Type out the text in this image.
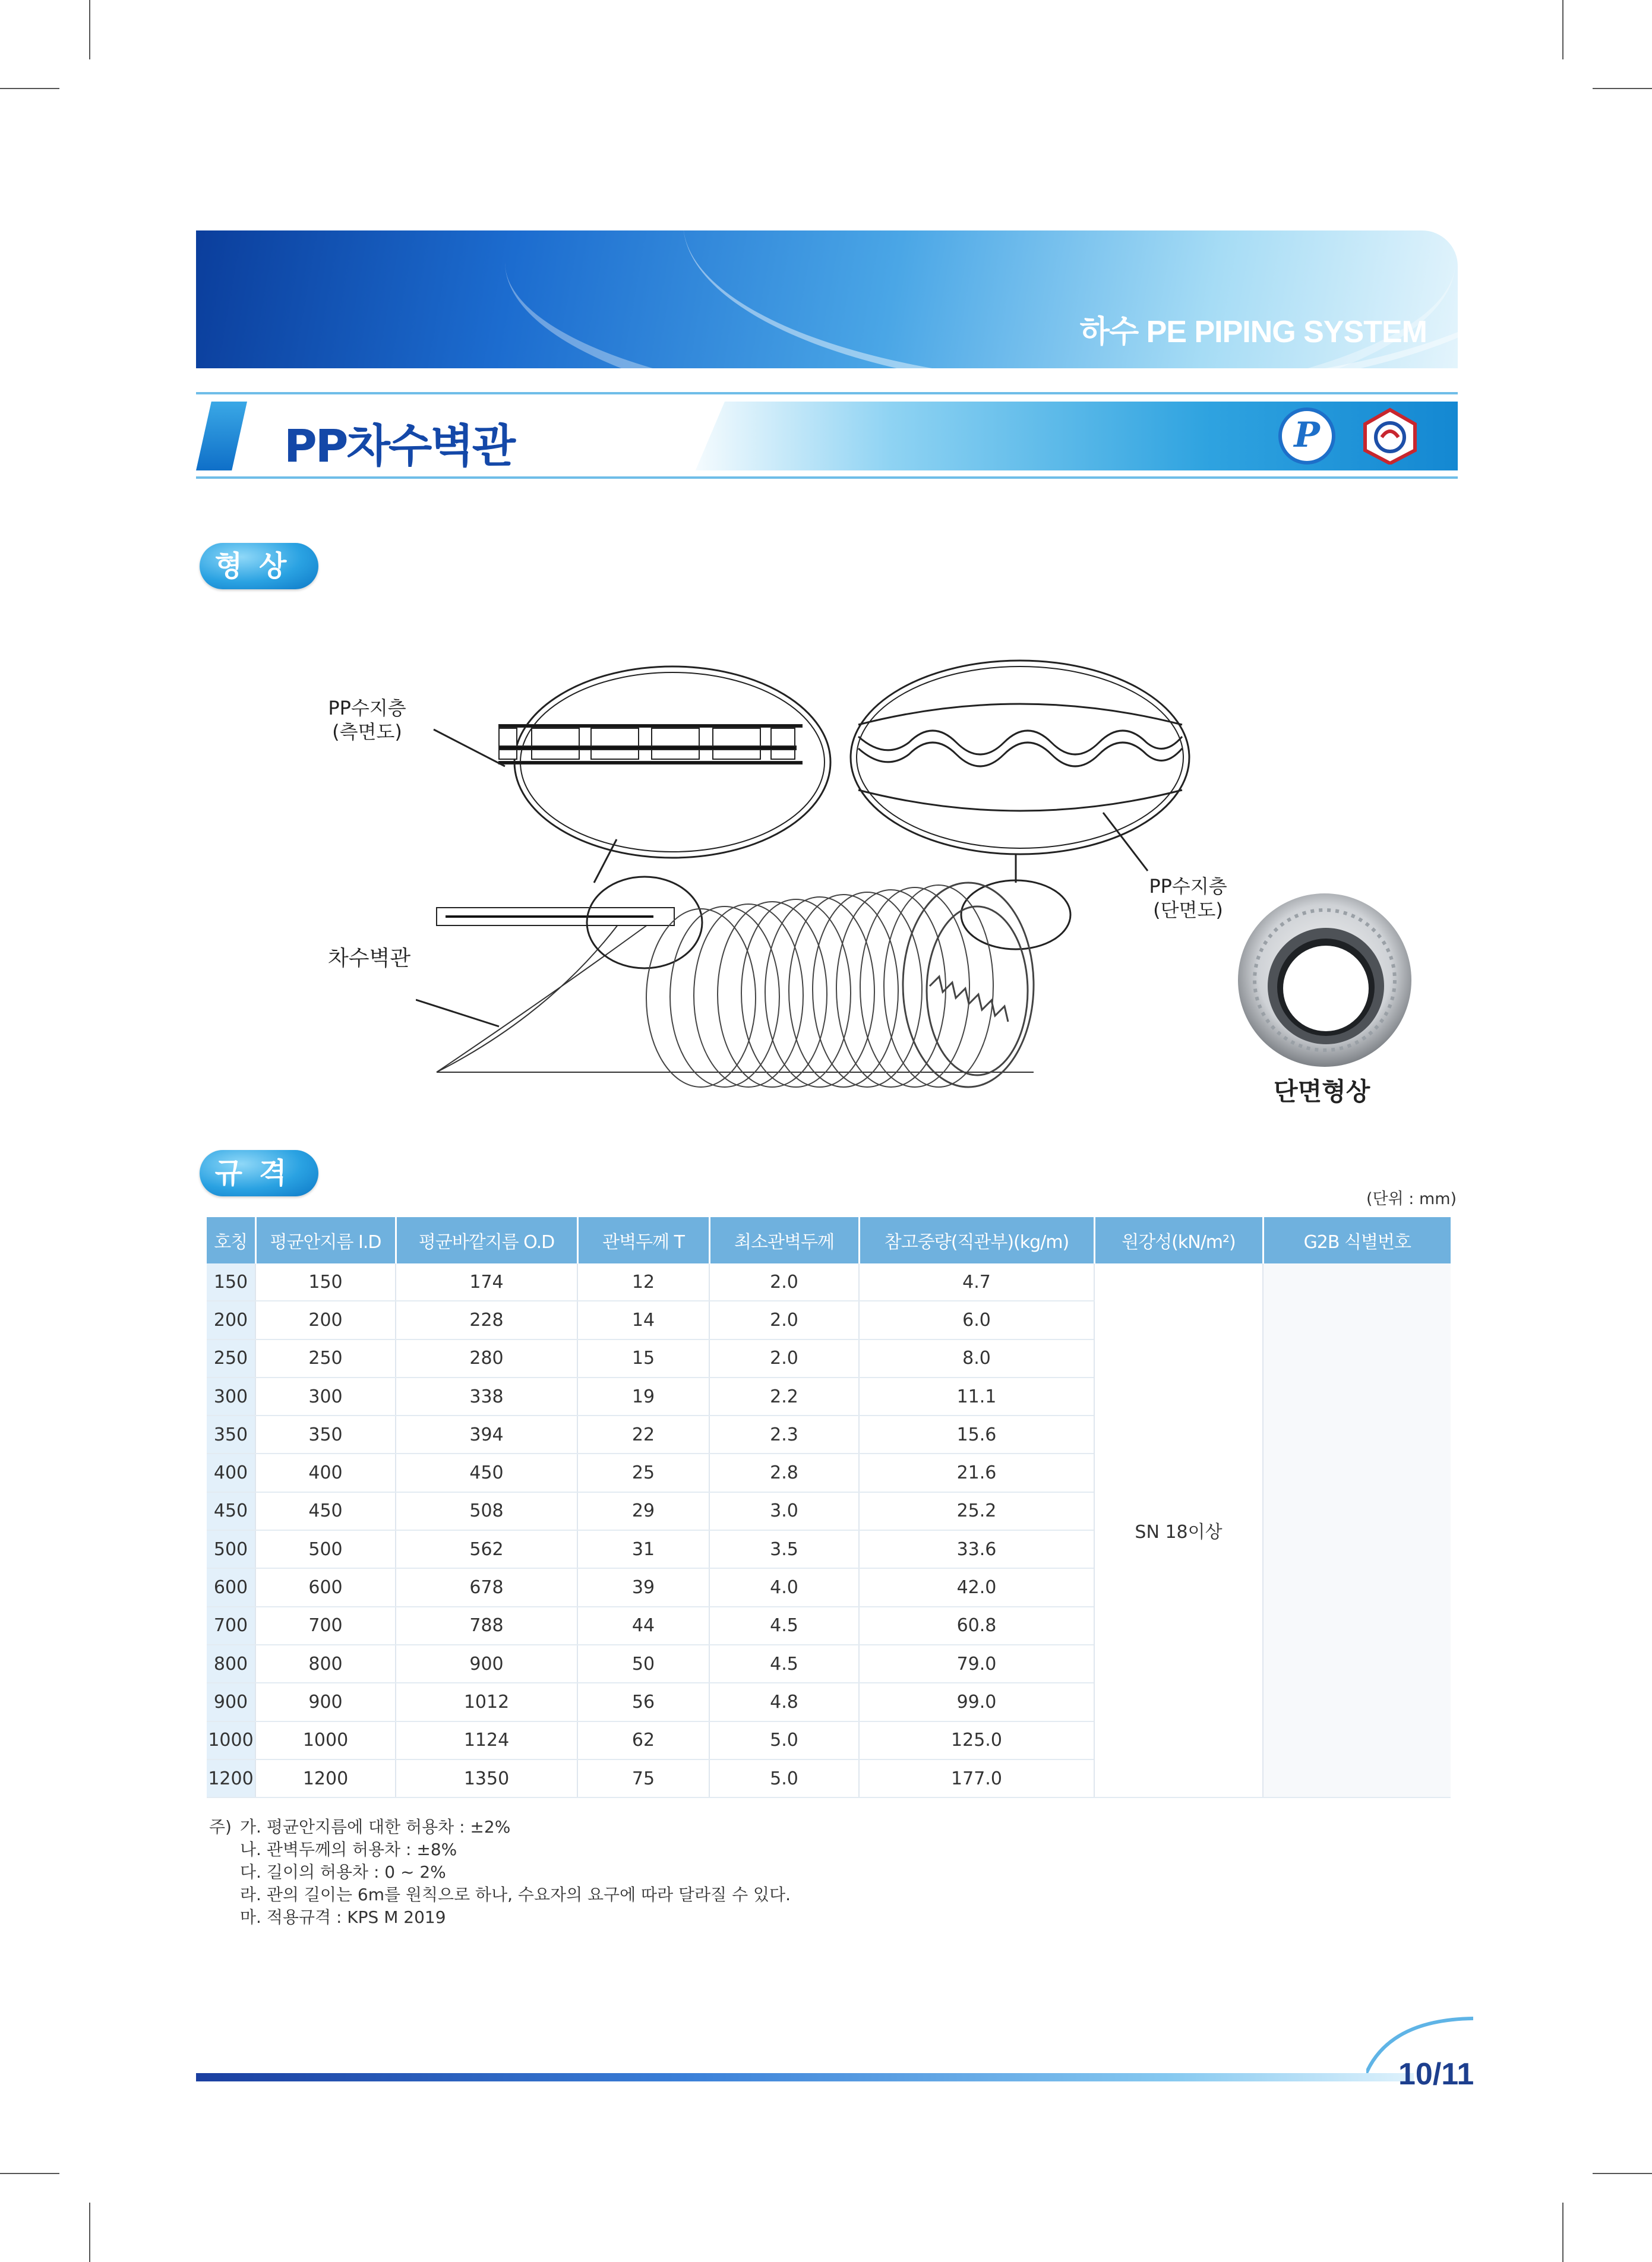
하수 PE PIPING SYSTEM
PP차수벽관	P
형상
PP수지층
(측면도)
PP수지층
(단면도)
차수벽관
단면형상
규격
(단위 : mm)
호칭	평균안지름 I.D	평균바깥지름 O.D	관벽두께 T	최소관벽두께	참고중량(직관부)(kg/m)	원강성(kN/m²)	G2B 식별번호
150	150	174	12	2.0	4.7	SN 18이상	
200	200	228	14	2.0	6.0		
250	250	280	15	2.0	8.0		
300	300	338	19	2.2	11.1		
350	350	394	22	2.3	15.6		
400	400	450	25	2.8	21.6		
450	450	508	29	3.0	25.2		
500	500	562	31	3.5	33.6		
600	600	678	39	4.0	42.0		
700	700	788	44	4.5	60.8		
800	800	900	50	4.5	79.0		
900	900	1012	56	4.8	99.0		
1000	1000	1124	62	5.0	125.0		
1200	1200	1350	75	5.0	177.0		
주) 가. 평균안지름에 대한 허용차 : ±2%
나. 관벽두께의 허용차 : ±8%
다. 길이의 허용차 : 0 ~ 2%
라. 관의 길이는 6m를 원칙으로 하나, 수요자의 요구에 따라 달라질 수 있다.
마. 적용규격 : KPS M 2019
10/11
